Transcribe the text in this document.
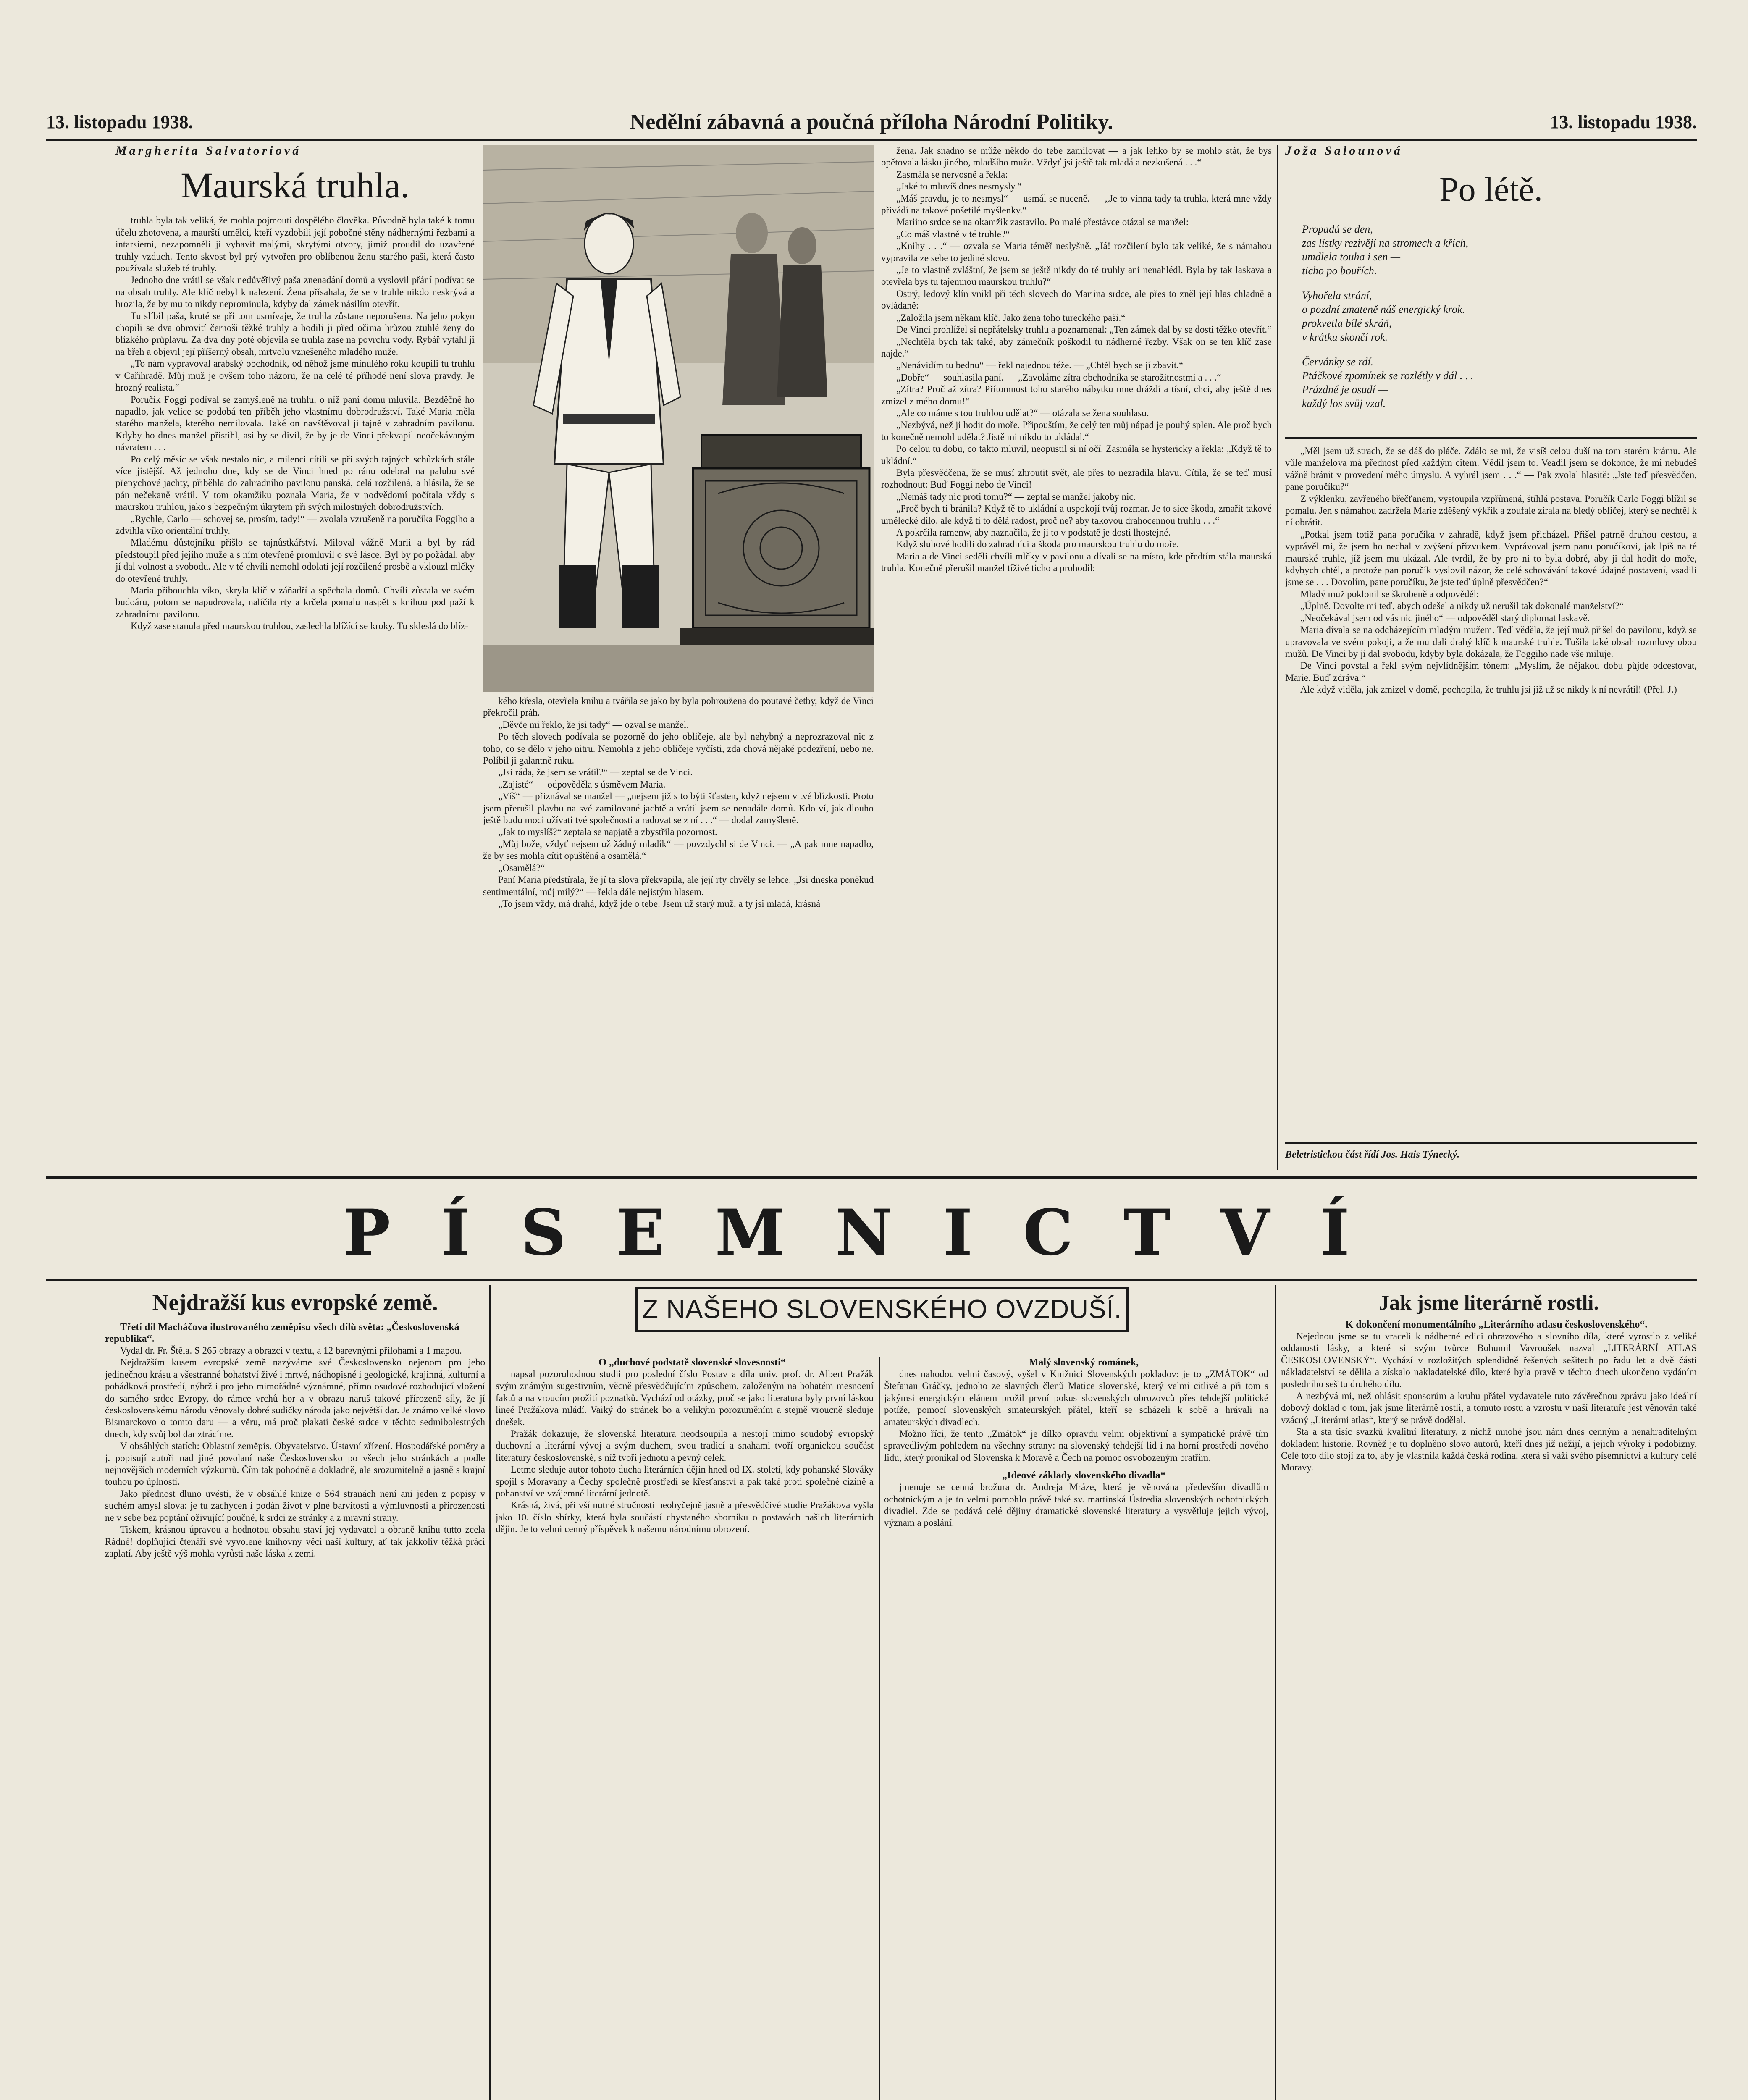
13. listopadu 1938.	Nedělní zábavná a poučná příloha Národní Politiky.	13. listopadu 1938.
Margherita Salvatoriová
Maurská truhla.

truhla byla tak veliká, že mohla pojmouti dospělého člověka. Původně byla také k tomu účelu zhotovena, a maurští umělci, kteří vyzdobili její pobočné stěny nádhernými řezbami a intarsiemi, nezapomněli ji vybavit malými, skrytými otvory, jimiž proudil do uzavřené truhly vzduch. Tento skvost byl prý vytvořen pro oblíbenou ženu starého paši, která často používala služeb té truhly.

Jednoho dne vrátil se však nedůvěřivý paša znenadání domů a vyslovil přání podívat se na obsah truhly. Ale klíč nebyl k nalezení. Žena přísahala, že se v truhle nikdo neskrývá a hrozila, že by mu to nikdy neprominula, kdyby dal zámek násilím otevřít.

Tu slíbil paša, kruté se při tom usmívaje, že truhla zůstane neporušena. Na jeho pokyn chopili se dva obrovití černoši těžké truhly a hodili ji před očima hrůzou ztuhlé ženy do blízkého průplavu. Za dva dny poté objevila se truhla zase na povrchu vody. Rybář vytáhl ji na břeh a objevil její příšerný obsah, mrtvolu vznešeného mladého muže.

„To nám vypravoval arabský obchodník, od něhož jsme minulého roku koupili tu truhlu v Cařihradě. Můj muž je ovšem toho názoru, že na celé té příhodě není slova pravdy. Je hrozný realista.“

Poručík Foggi podíval se zamyšleně na truhlu, o níž paní domu mluvila. Bezděčně ho napadlo, jak velice se podobá ten příběh jeho vlastnímu dobrodružství. Také Maria měla starého manžela, kterého nemilovala. Také on navštěvoval ji tajně v zahradním pavilonu. Kdyby ho dnes manžel přistihl, asi by se divil, že by je de Vinci překvapil neočekávaným návratem . . .

Po celý měsíc se však nestalo nic, a milenci cítili se při svých tajných schůzkách stále více jistější. Až jednoho dne, kdy se de Vinci hned po ránu odebral na palubu své přepychové jachty, přiběhla do zahradního pavilonu panská, celá rozčilená, a hlásila, že se pán nečekaně vrátil. V tom okamžiku poznala Maria, že v podvědomí počítala vždy s maurskou truhlou, jako s bezpečným úkrytem při svých milostných dobrodružstvích.

„Rychle, Carlo — schovej se, prosím, tady!“ — zvolala vzrušeně na poručíka Foggiho a zdvihla víko orientální truhly.

Mladému důstojníku přišlo se tajnůstkářství. Miloval vážně Marii a byl by rád předstoupil před jejího muže a s ním otevřeně promluvil o své lásce. Byl by po požádal, aby jí dal volnost a svobodu. Ale v té chvíli nemohl odolati její rozčilené prosbě a vklouzl mlčky do otevřené truhly.

Maria přibouchla víko, skryla klíč v záňadří a spěchala domů. Chvíli zůstala ve svém budoáru, potom se napudrovala, nalíčila rty a krčela pomalu naspět s knihou pod paží k zahradnímu pavilonu.

Když zase stanula před maurskou truhlou, zaslechla blížící se kroky. Tu skleslá do blíz-

kého křesla, otevřela knihu a tvářila se jako by byla pohroužena do poutavé četby, když de Vinci překročil práh.

„Děvče mi řeklo, že jsi tady“ — ozval se manžel.

Po těch slovech podívala se pozorně do jeho obličeje, ale byl nehybný a neprozrazoval nic z toho, co se dělo v jeho nitru. Nemohla z jeho obličeje vyčísti, zda chová nějaké podezření, nebo ne. Políbil ji galantně ruku.

„Jsi ráda, že jsem se vrátil?“ — zeptal se de Vinci.

„Zajisté“ — odpověděla s úsměvem Maria.

„Víš“ — přiznával se manžel — „nejsem již s to býti šťasten, když nejsem v tvé blízkosti. Proto jsem přerušil plavbu na své zamilované jachtě a vrátil jsem se nenadále domů. Kdo ví, jak dlouho ještě budu moci užívati tvé společnosti a radovat se z ní . . .“ — dodal zamyšleně.

„Jak to myslíš?“ zeptala se napjatě a zbystřila pozornost.

„Můj bože, vždyť nejsem už žádný mladík“ — povzdychl si de Vinci. — „A pak mne napadlo, že by ses mohla cítit opuštěná a osamělá.“

„Osamělá?“

Paní Maria předstírala, že jí ta slova překvapila, ale její rty chvěly se lehce. „Jsi dneska poněkud sentimentální, můj milý?“ — řekla dále nejistým hlasem.

„To jsem vždy, má drahá, když jde o tebe. Jsem už starý muž, a ty jsi mladá, krásná

žena. Jak snadno se může někdo do tebe zamilovat — a jak lehko by se mohlo stát, že bys opětovala lásku jiného, mladšího muže. Vždyť jsi ještě tak mladá a nezkušená . . .“

Zasmála se nervosně a řekla:

„Jaké to mluvíš dnes nesmysly.“

„Máš pravdu, je to nesmysl“ — usmál se nuceně. — „Je to vinna tady ta truhla, která mne vždy přivádí na takové pošetilé myšlenky.“

Mariino srdce se na okamžik zastavilo. Po malé přestávce otázal se manžel:

„Co máš vlastně v té truhle?“

„Knihy . . .“ — ozvala se Maria téměř neslyšně. „Já! rozčilení bylo tak veliké, že s námahou vypravila ze sebe to jediné slovo.

„Je to vlastně zvláštní, že jsem se ještě nikdy do té truhly ani nenahlédl. Byla by tak laskava a otevřela bys tu tajemnou maurskou truhlu?“

Ostrý, ledový klín vnikl při těch slovech do Mariina srdce, ale přes to zněl její hlas chladně a ovládaně:

„Založila jsem někam klíč. Jako žena toho tureckého paši.“

De Vinci prohlížel si nepřátelsky truhlu a poznamenal: „Ten zámek dal by se dosti těžko otevřít.“

„Nechtěla bych tak také, aby zámečník poškodil tu nádherné řezby. Však on se ten klíč zase najde.“

„Nenávidím tu bednu“ — řekl najednou téže. — „Chtěl bych se jí zbavit.“

„Dobře“ — souhlasila paní. — „Zavoláme zítra obchodníka se starožitnostmi a . . .“

„Zítra? Proč až zítra? Přítomnost toho starého nábytku mne dráždí a tísní, chci, aby ještě dnes zmizel z mého domu!“

„Ale co máme s tou truhlou udělat?“ — otázala se žena souhlasu.

„Nezbývá, než ji hodit do moře. Připouštím, že celý ten můj nápad je pouhý splen. Ale proč bych to konečně nemohl udělat? Jistě mi nikdo to ukládal.“

Po celou tu dobu, co takto mluvil, neopustil si ní očí. Zasmála se hystericky a řekla: „Když tě to ukládní.“

Byla přesvědčena, že se musí zhroutit svět, ale přes to nezradila hlavu. Cítila, že se teď musí rozhodnout: Buď Foggi nebo de Vinci!

„Nemáš tady nic proti tomu?“ — zeptal se manžel jakoby nic.

„Proč bych ti bránila? Když tě to ukládní a uspokojí tvůj rozmar. Je to sice škoda, zmařit takové umělecké dílo. ale když ti to dělá radost, proč ne? aby takovou drahocennou truhlu . . .“

A pokrčila ramenw, aby naznačila, že ji to v podstatě je dosti lhostejné.

Když sluhové hodili do zahradníci a škoda pro maurskou truhlu do moře.

Maria a de Vinci seděli chvíli mlčky v pavilonu a dívali se na místo, kde předtím stála maurská truhla. Konečně přerušil manžel tíživé ticho a prohodil:

Joža Salounová
Po létě.
Propadá se den,
zas lístky rezivějí na stromech a křích,
umdlela touha i sen —
ticho po bouřích.
Vyhořela strání,
o pozdní zmateně náš energický krok.
prokvetla bílé skráň,
v krátku skončí rok.
Červánky se rdí.
Ptáčkové zpomínek se rozlétly v dál . . .
Prázdné je osudí —
každý los svůj vzal.

„Měl jsem už strach, že se dáš do pláče. Zdálo se mi, že visíš celou duší na tom starém krámu. Ale vůle manželova má přednost před každým citem. Vědíl jsem to. Veadil jsem se dokonce, že mi nebudeš vážně bránit v provedení mého úmyslu. A vyhrál jsem . . .“ — Pak zvolal hlasitě: „Jste teď přesvědčen, pane poručíku?“

Z výklenku, zavřeného břečťanem, vystoupila vzpřímená, štíhlá postava. Poručík Carlo Foggi blížil se pomalu. Jen s námahou zadržela Marie zděšený výkřik a zoufale zírala na bledý obličej, který se nechtěl k ní obrátit.

„Potkal jsem totiž pana poručíka v zahradě, když jsem přicházel. Přišel patrně druhou cestou, a vyprávěl mi, že jsem ho nechal v zvýšení přízvukem. Vyprávoval jsem panu poručíkovi, jak lpíš na té maurské truhle, jíž jsem mu ukázal. Ale tvrdil, že by pro ni to byla dobré, aby ji dal hodit do moře, kdybych chtěl, a protože pan poručík vyslovil názor, že celé schovávání takové údajné postavení, vsadili jsme se . . . Dovolím, pane poručíku, že jste teď úplně přesvědčen?“

Mladý muž poklonil se škrobeně a odpověděl:

„Úplně. Dovolte mi teď, abych odešel a nikdy už nerušil tak dokonalé manželství?“

„Neočekával jsem od vás nic jiného“ — odpověděl starý diplomat laskavě.

Maria dívala se na odcházejícím mladým mužem. Teď věděla, že její muž přišel do pavilonu, když se upravovala ve svém pokoji, a že mu dali drahý klíč k maurské truhle. Tušila také obsah rozmluvy obou mužů. De Vinci by ji dal svobodu, kdyby byla dokázala, že Foggiho nade vše miluje.

De Vinci povstal a řekl svým nejvlídnějším tónem: „Myslím, že nějakou dobu půjde odcestovat, Marie. Buď zdráva.“

Ale když viděla, jak zmizel v domě, pochopila, že truhlu jsi již už se nikdy k ní nevrátil! (Přel. J.)

Beletristickou část řídí Jos. Hais Týnecký.
PÍSEMNICTVÍ
Nejdražší kus evropské země.

Třetí díl Macháčova ilustrovaného zeměpisu všech dílů světa: „Československá republika“.

Vydal dr. Fr. Štěla. S 265 obrazy a obrazci v textu, a 12 barevnými přílohami a 1 mapou.

Nejdražším kusem evropské země nazýváme své Československo nejenom pro jeho jedinečnou krásu a všestranné bohatství živé i mrtvé, nádhopisné i geologické, krajinná, kulturní a pohádková prostředí, nýbrž i pro jeho mimořádně význámné, přímo osudové rozhodující vložení do samého srdce Evropy, do rámce vrchů hor a v obrazu naruš takové přírozeně síly, že jí československému národu věnovaly dobré sudičky národa jako největší dar. Je známo velké slovo Bismarckovo o tomto daru — a věru, má proč plakati české srdce v těchto sedmibolestných dnech, kdy svůj bol dar ztrácíme.

V obsáhlých statích: Oblastní zeměpis. Obyvatelstvo. Ústavní zřízení. Hospodářské poměry a j. popisují autoři nad jiné povolaní naše Československo po všech jeho stránkách a podle nejnovějších moderních výzkumů. Čím tak pohodně a dokladně, ale srozumitelně a jasně s krajní touhou po úplnosti.

Jako přednost dluno uvésti, že v obsáhlé knize o 564 stranách není ani jeden z popisy v suchém amysl slova: je tu zachycen i podán život v plné barvitosti a výmluvnosti a přirozenosti ne v sebe bez poptání oživující poučné, k srdci ze stránky a z mravní strany.

Tiskem, krásnou úpravou a hodnotou obsahu staví jej vydavatel a obraně knihu tutto zcela Rádné! doplňující čtenáři své vyvolené knihovny věcí naší kultury, ať tak jakkoliv těžká práci zaplatí. Aby ještě výš mohla vyrůsti naše láska k zemi.

Z NAŠEHO SLOVENSKÉHO OVZDUŠÍ.

O „duchové podstatě slovenské slovesnosti“

napsal pozoruhodnou studii pro poslední číslo Postav a díla univ. prof. dr. Albert Pražák svým známým sugestivním, věcně přesvědčujícím způsobem, založeným na bohatém mesnoení faktů a na vroucím prožití poznatků. Vychází od otázky, proč se jako literatura byly první láskou lineé Pražákova mládí. Vaiký do stránek bo a velikým porozuměním a stejně vroucně sleduje dnešek.

Pražák dokazuje, že slovenská literatura neodsoupila a nestojí mimo soudobý evropský duchovní a literární vývoj a svým duchem, svou tradicí a snahami tvoří organickou součást literatury československé, s níž tvoří jednotu a pevný celek.

Letmo sleduje autor tohoto ducha literárních dějin hned od IX. století, kdy pohanské Slováky spojil s Moravany a Čechy společně prostředí se křesťanství a pak také proti společné cizině a pohanství ve vzájemné literární jednotě.

Krásná, živá, při vší nutné stručnosti neobyčejně jasně a přesvědčivé studie Pražákova vyšla jako 10. číslo sbírky, která byla součástí chystaného sborníku o postavách našich literárních dějin. Je to velmi cenný příspěvek k našemu národnímu obrození.

Malý slovenský románek,

dnes nahodou velmi časový, vyšel v Knižnici Slovenských pokladov: je to „ZMÁTOK“ od Štefanan Gráčky, jednoho ze slavných členů Matice slovenské, který velmi citlivé a při tom s jakýmsi energickým elánem prožil první pokus slovenských obrozovců přes tehdejší politické potíže, pomocí slovenských smateurských přátel, kteří se scházeli k sobě a hrávali na amateurských divadlech.

Možno říci, že tento „Zmátok“ je dílko opravdu velmi objektivní a sympatické právě tím spravedlivým pohledem na všechny strany: na slovenský tehdejší lid i na horní prostředí nového lidu, který pronikal od Slovenska k Moravě a Čech na pomoc osvobozeným bratřím.

„Ideové základy slovenského divadla“

jmenuje se cenná brožura dr. Andreja Mráze, která je věnována především divadlům ochotnickým a je to velmi pomohlo právě také sv. martinská Ústredia slovenských ochotnických divadiel. Zde se podává celé dějiny dramatické slovenské literatury a vysvětluje jejich vývoj, význam a poslání.

Jak jsme literárně rostli.

K dokončení monumentálního „Literárního atlasu československého“.

Nejednou jsme se tu vraceli k nádherné edici obrazového a slovního díla, které vyrostlo z veliké oddanosti lásky, a které si svým tvůrce Bohumil Vavroušek nazval „LITERÁRNÍ ATLAS ČESKOSLOVENSKÝ“. Vychází v rozložitých splendidně řešených sešitech po řadu let a dvě části nákladatelství se dělila a získalo nakladatelské dílo, které byla pravě v těchto dnech ukončeno vydáním posledního sešitu druhého dílu.

A nezbývá mi, než ohlásit sponsorům a kruhu přátel vydavatele tuto závěrečnou zprávu jako ideální dobový doklad o tom, jak jsme literárně rostli, a tomuto rostu a vzrostu v naší literatuře jest věnován také vzácný „Literárni atlas“, který se právě dodělal.

Sta a sta tisíc svazků kvalitní literatury, z nichž mnohé jsou nám dnes cenným a nenahraditelným dokladem historie. Rovněž je tu doplněno slovo autorů, kteří dnes již nežijí, a jejich výroky i podobizny. Celé toto dílo stojí za to, aby je vlastnila každá česká rodina, která si váží svého písemnictví a kultury celé Moravy.
